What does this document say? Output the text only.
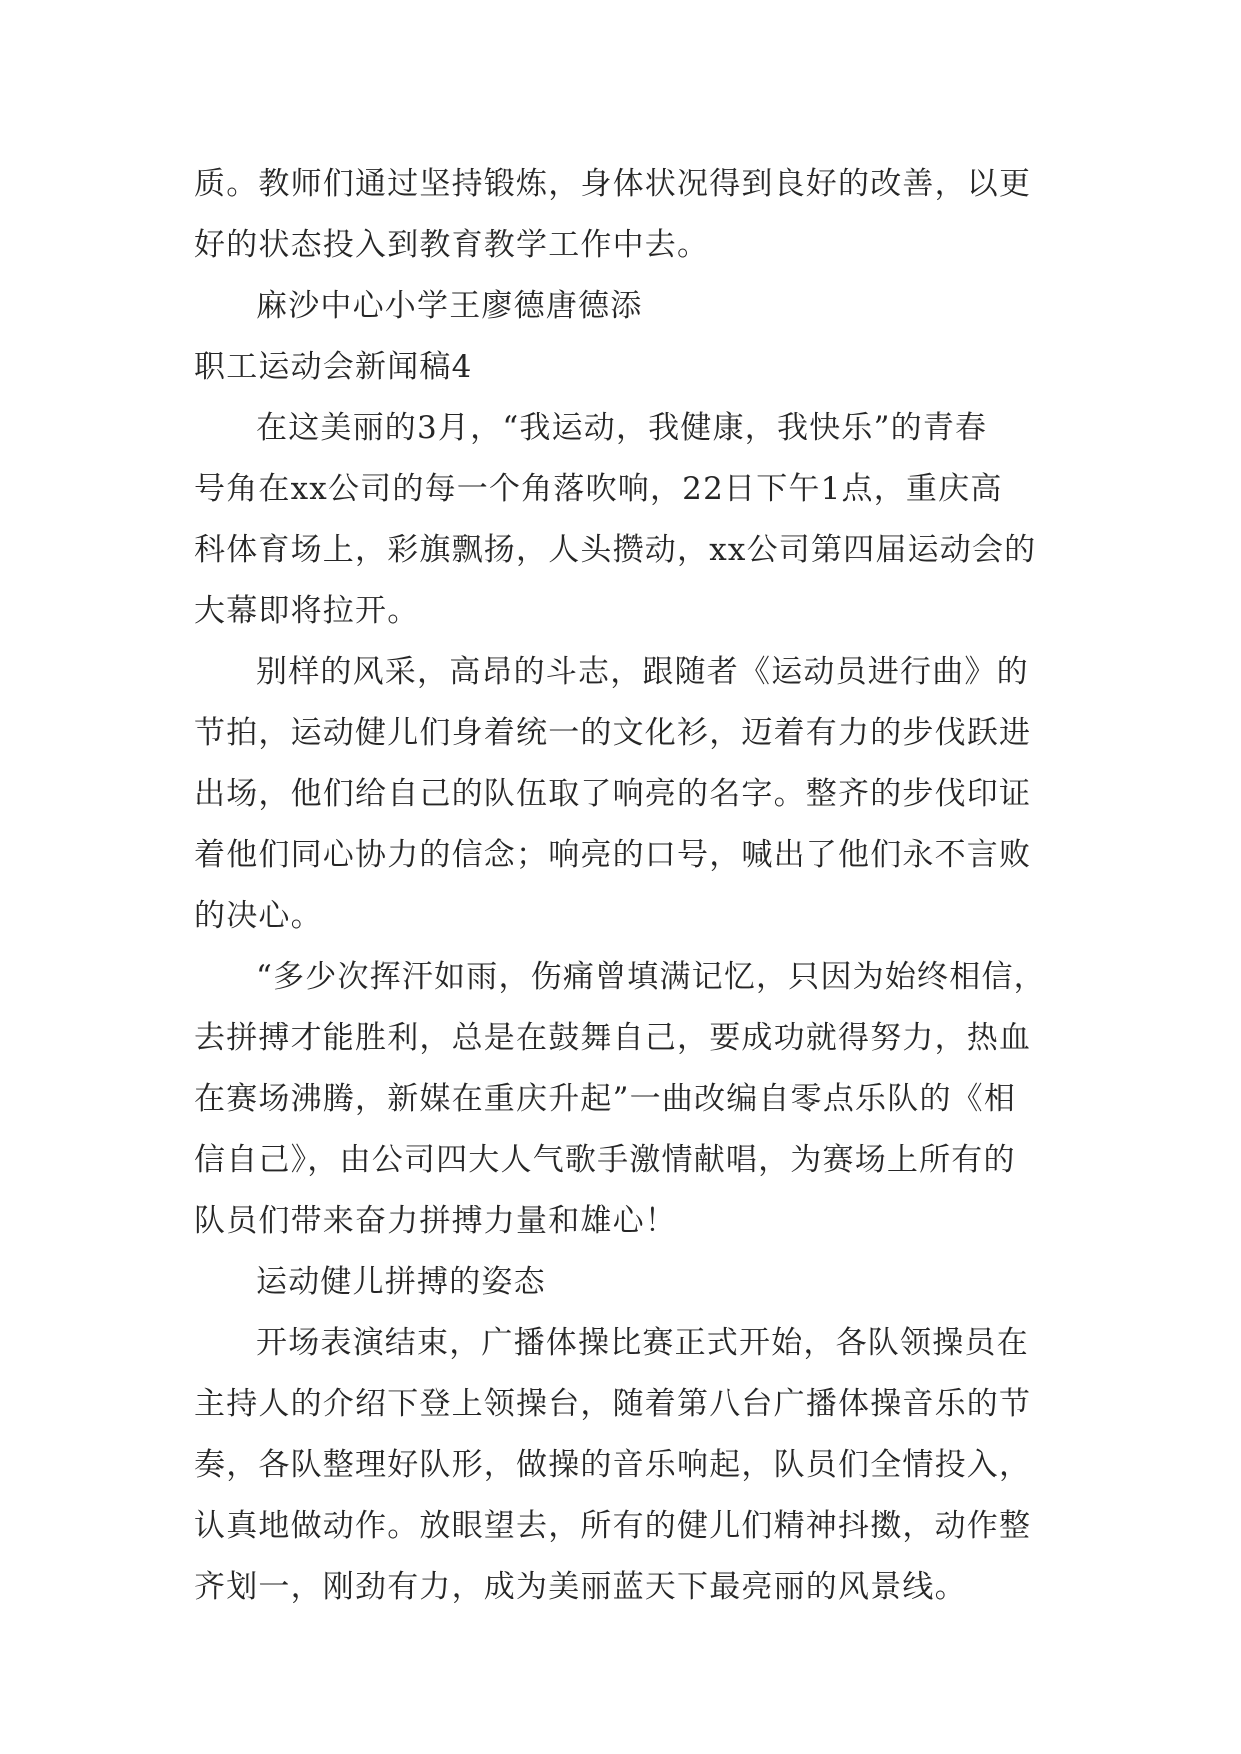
质。教师们通过坚持锻炼，身体状况得到良好的改善，以更
好的状态投入到教育教学工作中去。
麻沙中心小学王廖德唐德添
职工运动会新闻稿4
在这美丽的3月，“我运动，我健康，我快乐”的青春
号角在xx公司的每一个角落吹响，22日下午1点，重庆高
科体育场上，彩旗飘扬，人头攒动，xx公司第四届运动会的
大幕即将拉开。
别样的风采，高昂的斗志，跟随者《运动员进行曲》的
节拍，运动健儿们身着统一的文化衫，迈着有力的步伐跃进
出场，他们给自己的队伍取了响亮的名字。整齐的步伐印证
着他们同心协力的信念；响亮的口号，喊出了他们永不言败
的决心。
“多少次挥汗如雨，伤痛曾填满记忆，只因为始终相信，
去拼搏才能胜利，总是在鼓舞自己，要成功就得努力，热血
在赛场沸腾，新媒在重庆升起”一曲改编自零点乐队的《相
信自己》，由公司四大人气歌手激情献唱，为赛场上所有的
队员们带来奋力拼搏力量和雄心！
运动健儿拼搏的姿态
开场表演结束，广播体操比赛正式开始，各队领操员在
主持人的介绍下登上领操台，随着第八台广播体操音乐的节
奏，各队整理好队形，做操的音乐响起，队员们全情投入，
认真地做动作。放眼望去，所有的健儿们精神抖擞，动作整
齐划一，刚劲有力，成为美丽蓝天下最亮丽的风景线。
